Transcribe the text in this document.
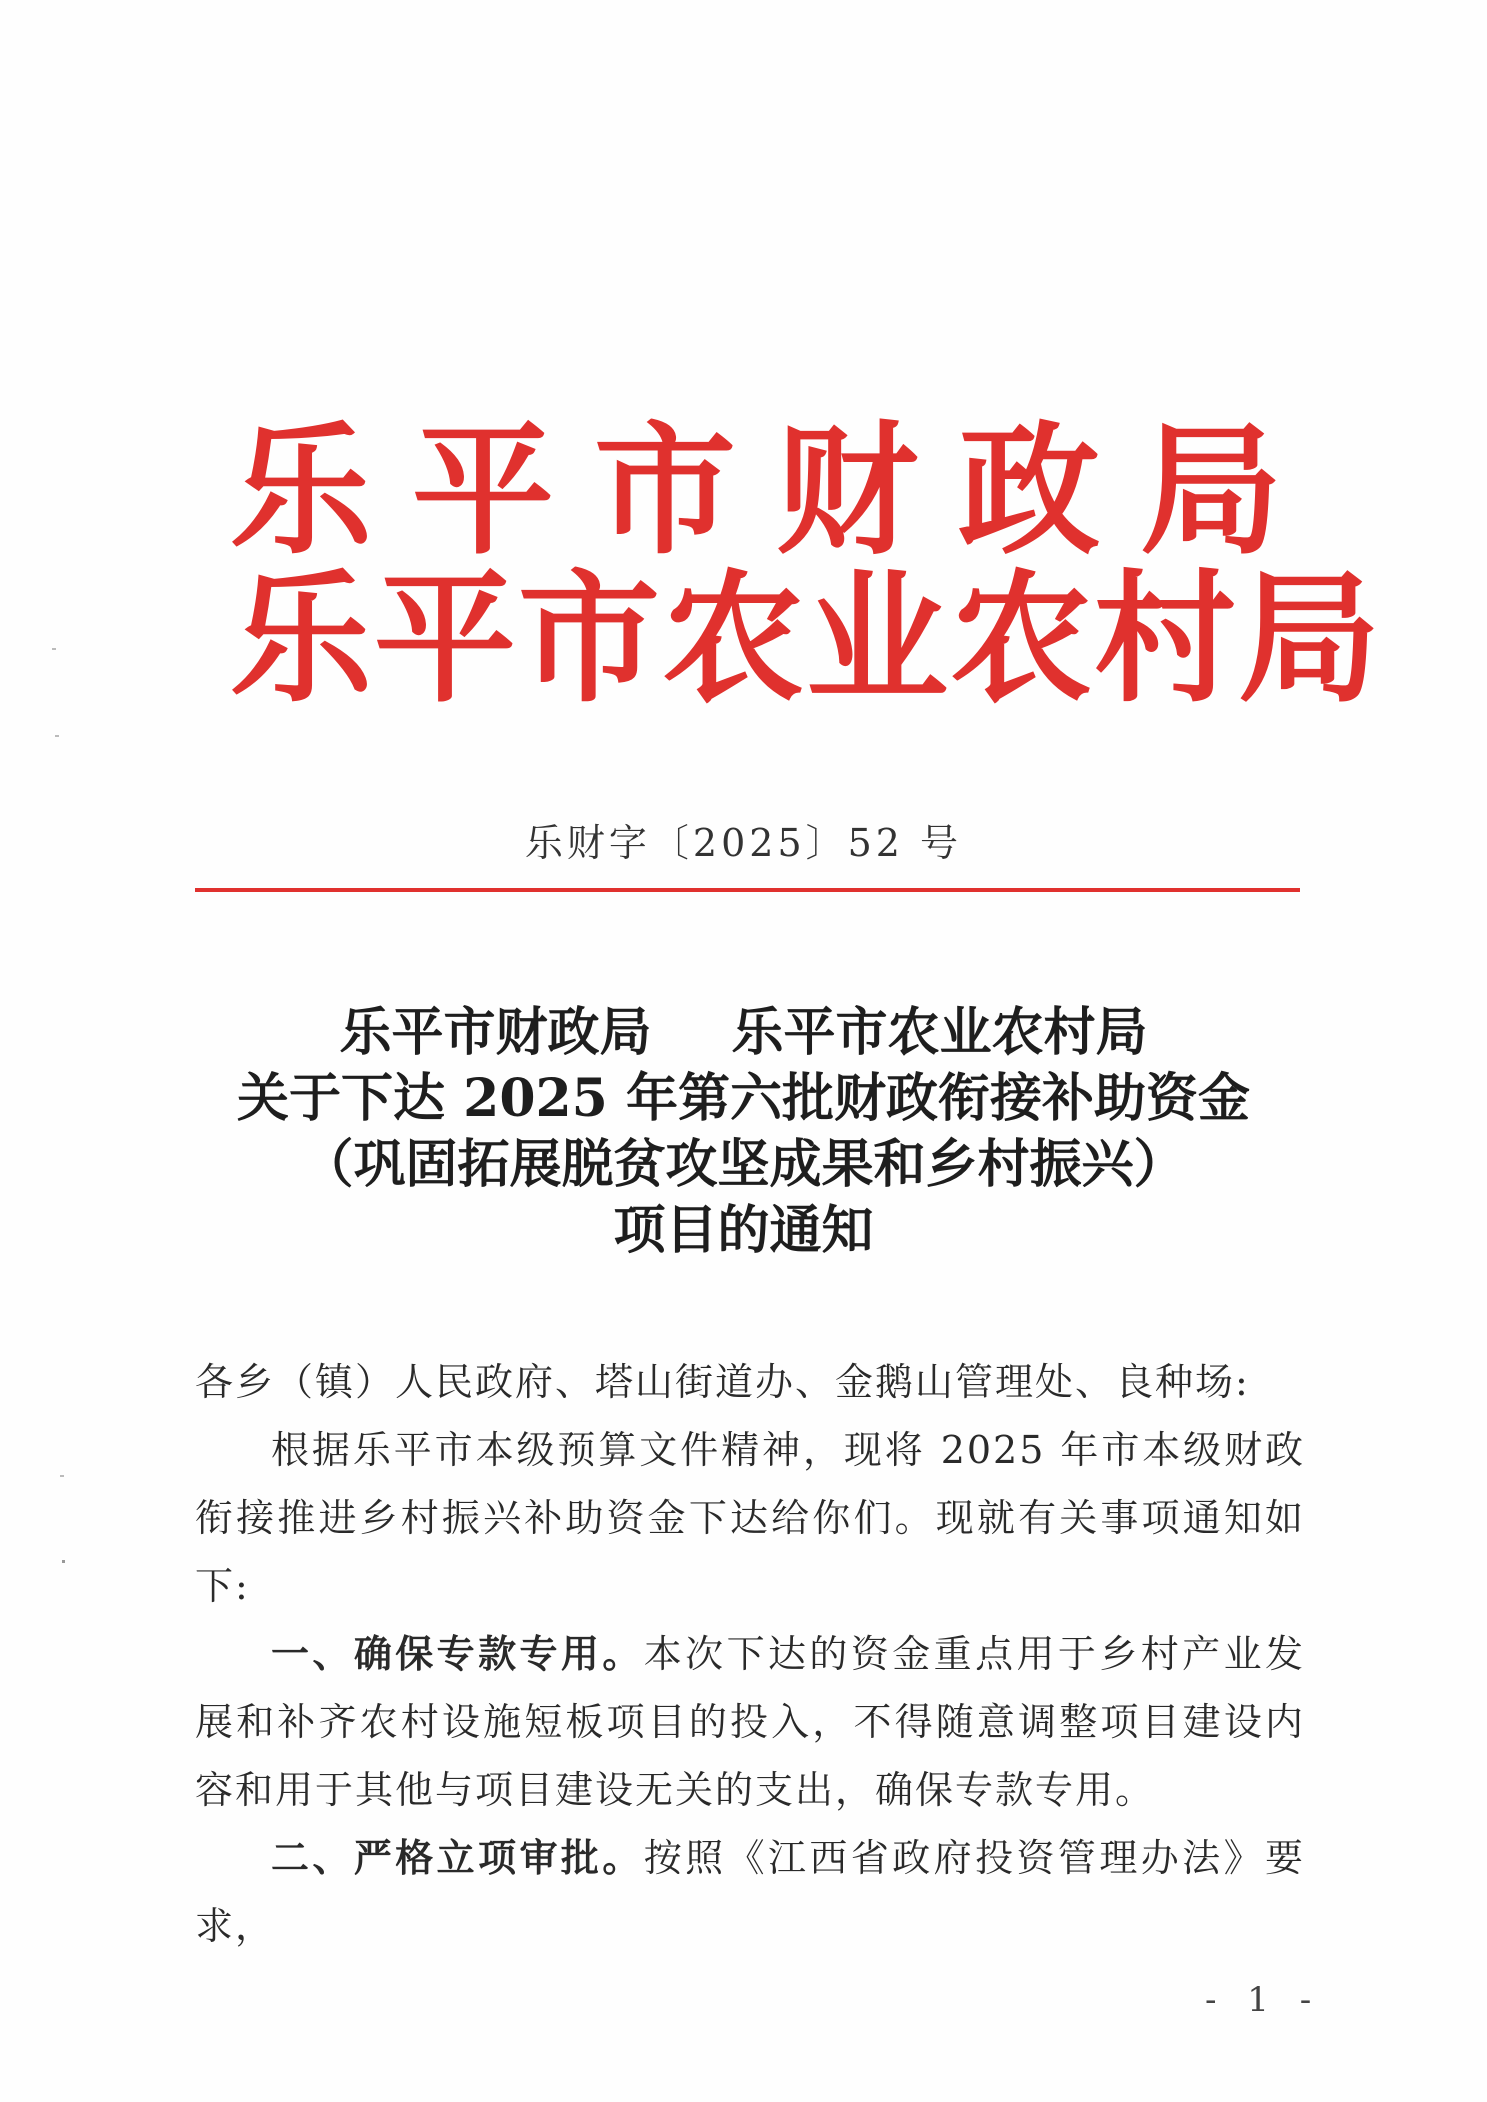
乐平市财政局
乐平市农业农村局
乐财字〔2025〕52 号
乐平市财政局 乐平市农业农村局
关于下达 2025 年第六批财政衔接补助资金
（巩固拓展脱贫攻坚成果和乡村振兴）
项目的通知

各乡（镇）人民政府、塔山街道办、金鹅山管理处、良种场:

根据乐平市本级预算文件精神，现将 2025 年市本级财政衔接推进乡村振兴补助资金下达给你们。现就有关事项通知如下:

一、确保专款专用。本次下达的资金重点用于乡村产业发展和补齐农村设施短板项目的投入，不得随意调整项目建设内容和用于其他与项目建设无关的支出，确保专款专用。

二、严格立项审批。按照《江西省政府投资管理办法》要求，

- 1 -
